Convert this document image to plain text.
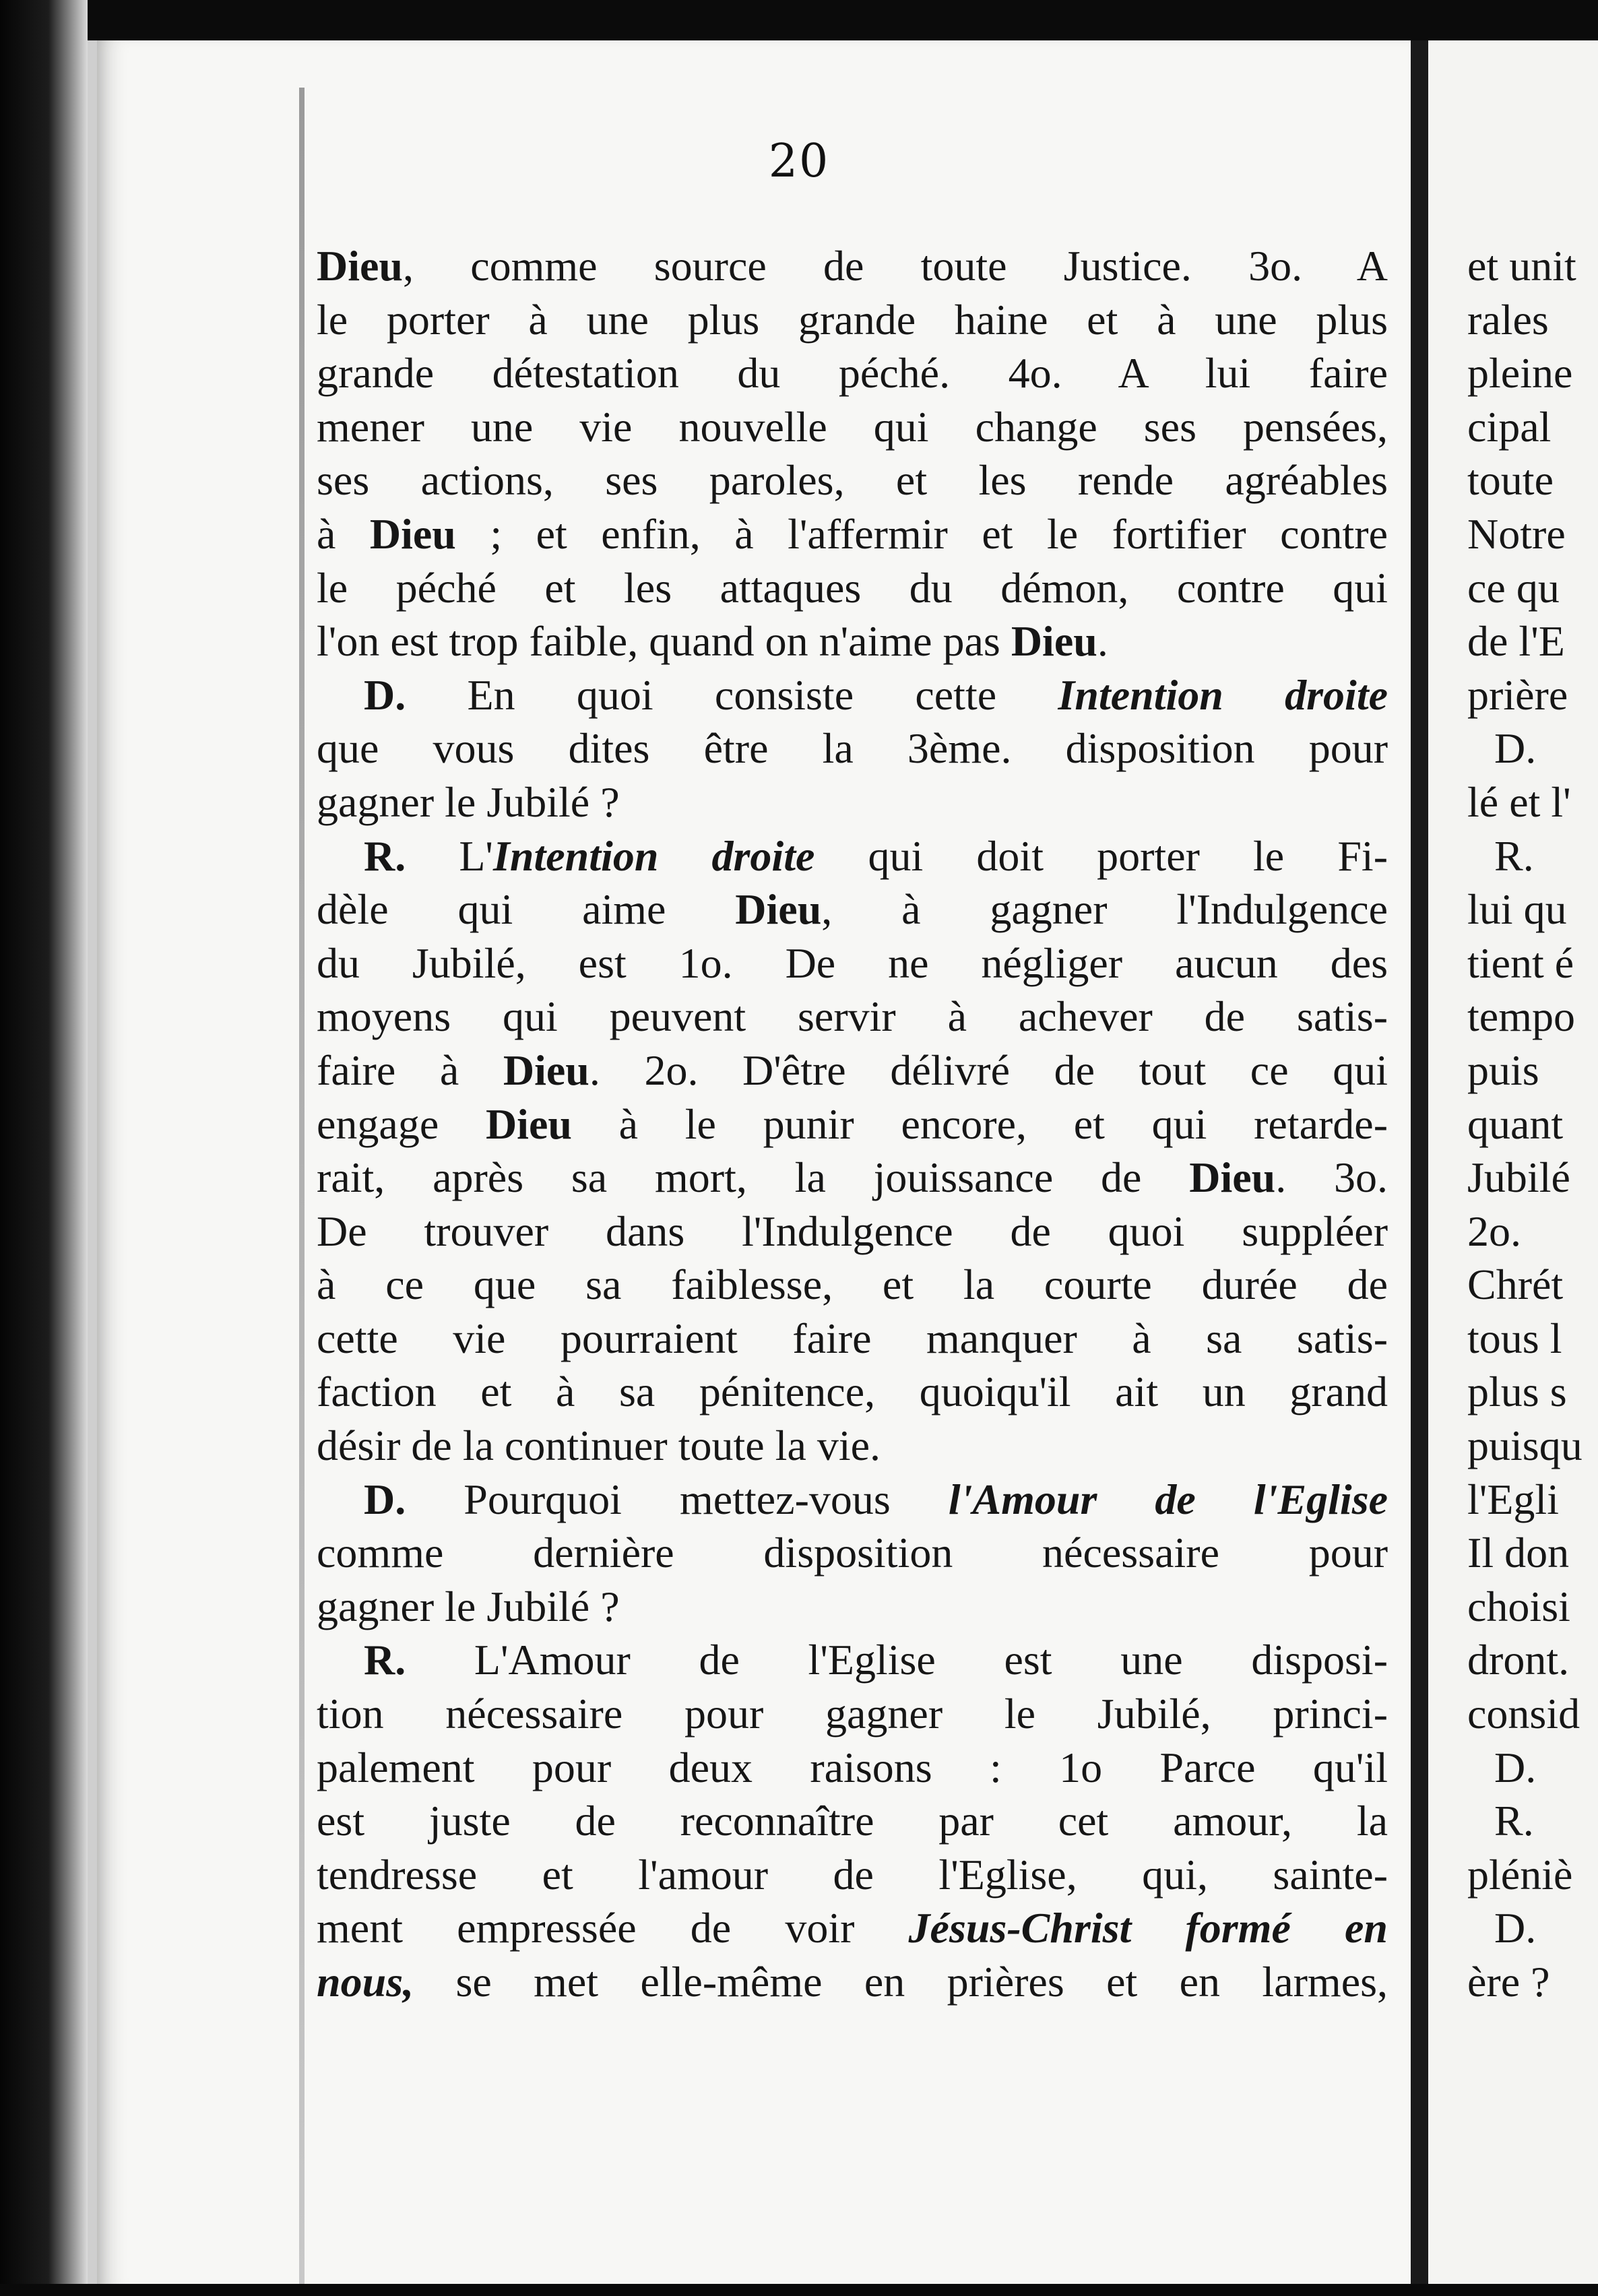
20
Dieu, comme source de toute Justice. 3o. A
le porter à une plus grande haine et à une plus
grande détestation du péché. 4o. A lui faire
mener une vie nouvelle qui change ses pensées,
ses actions, ses paroles, et les rende agréables
à Dieu ; et enfin, à l'affermir et le fortifier contre
le péché et les attaques du démon, contre qui
l'on est trop faible, quand on n'aime pas Dieu.
D. En quoi consiste cette Intention droite
que vous dites être la 3ème. disposition pour
gagner le Jubilé ?
R. L'Intention droite qui doit porter le Fi-
dèle qui aime Dieu, à gagner l'Indulgence
du Jubilé, est 1o. De ne négliger aucun des
moyens qui peuvent servir à achever de satis-
faire à Dieu. 2o. D'être délivré de tout ce qui
engage Dieu à le punir encore, et qui retarde-
rait, après sa mort, la jouissance de Dieu. 3o.
De trouver dans l'Indulgence de quoi suppléer
à ce que sa faiblesse, et la courte durée de
cette vie pourraient faire manquer à sa satis-
faction et à sa pénitence, quoiqu'il ait un grand
désir de la continuer toute la vie.
D. Pourquoi mettez-vous l'Amour de l'Eglise
comme dernière disposition nécessaire pour
gagner le Jubilé ?
R. L'Amour de l'Eglise est une disposi-
tion nécessaire pour gagner le Jubilé, princi-
palement pour deux raisons : 1o Parce qu'il
est juste de reconnaître par cet amour, la
tendresse et l'amour de l'Eglise, qui, sainte-
ment empressée de voir Jésus-Christ formé en
nous, se met elle-même en prières et en larmes,
et unit
rales
pleine
cipal
toute
Notre
ce qu
de l'E
prière
D.
lé et l'
R.
lui qu
tient é
tempo
puis
quant
Jubilé
2o.
Chrét
tous l
plus s
puisqu
l'Egli
Il don
choisi
dront.
consid
D.
R.
pléniè
D.
ère ?
